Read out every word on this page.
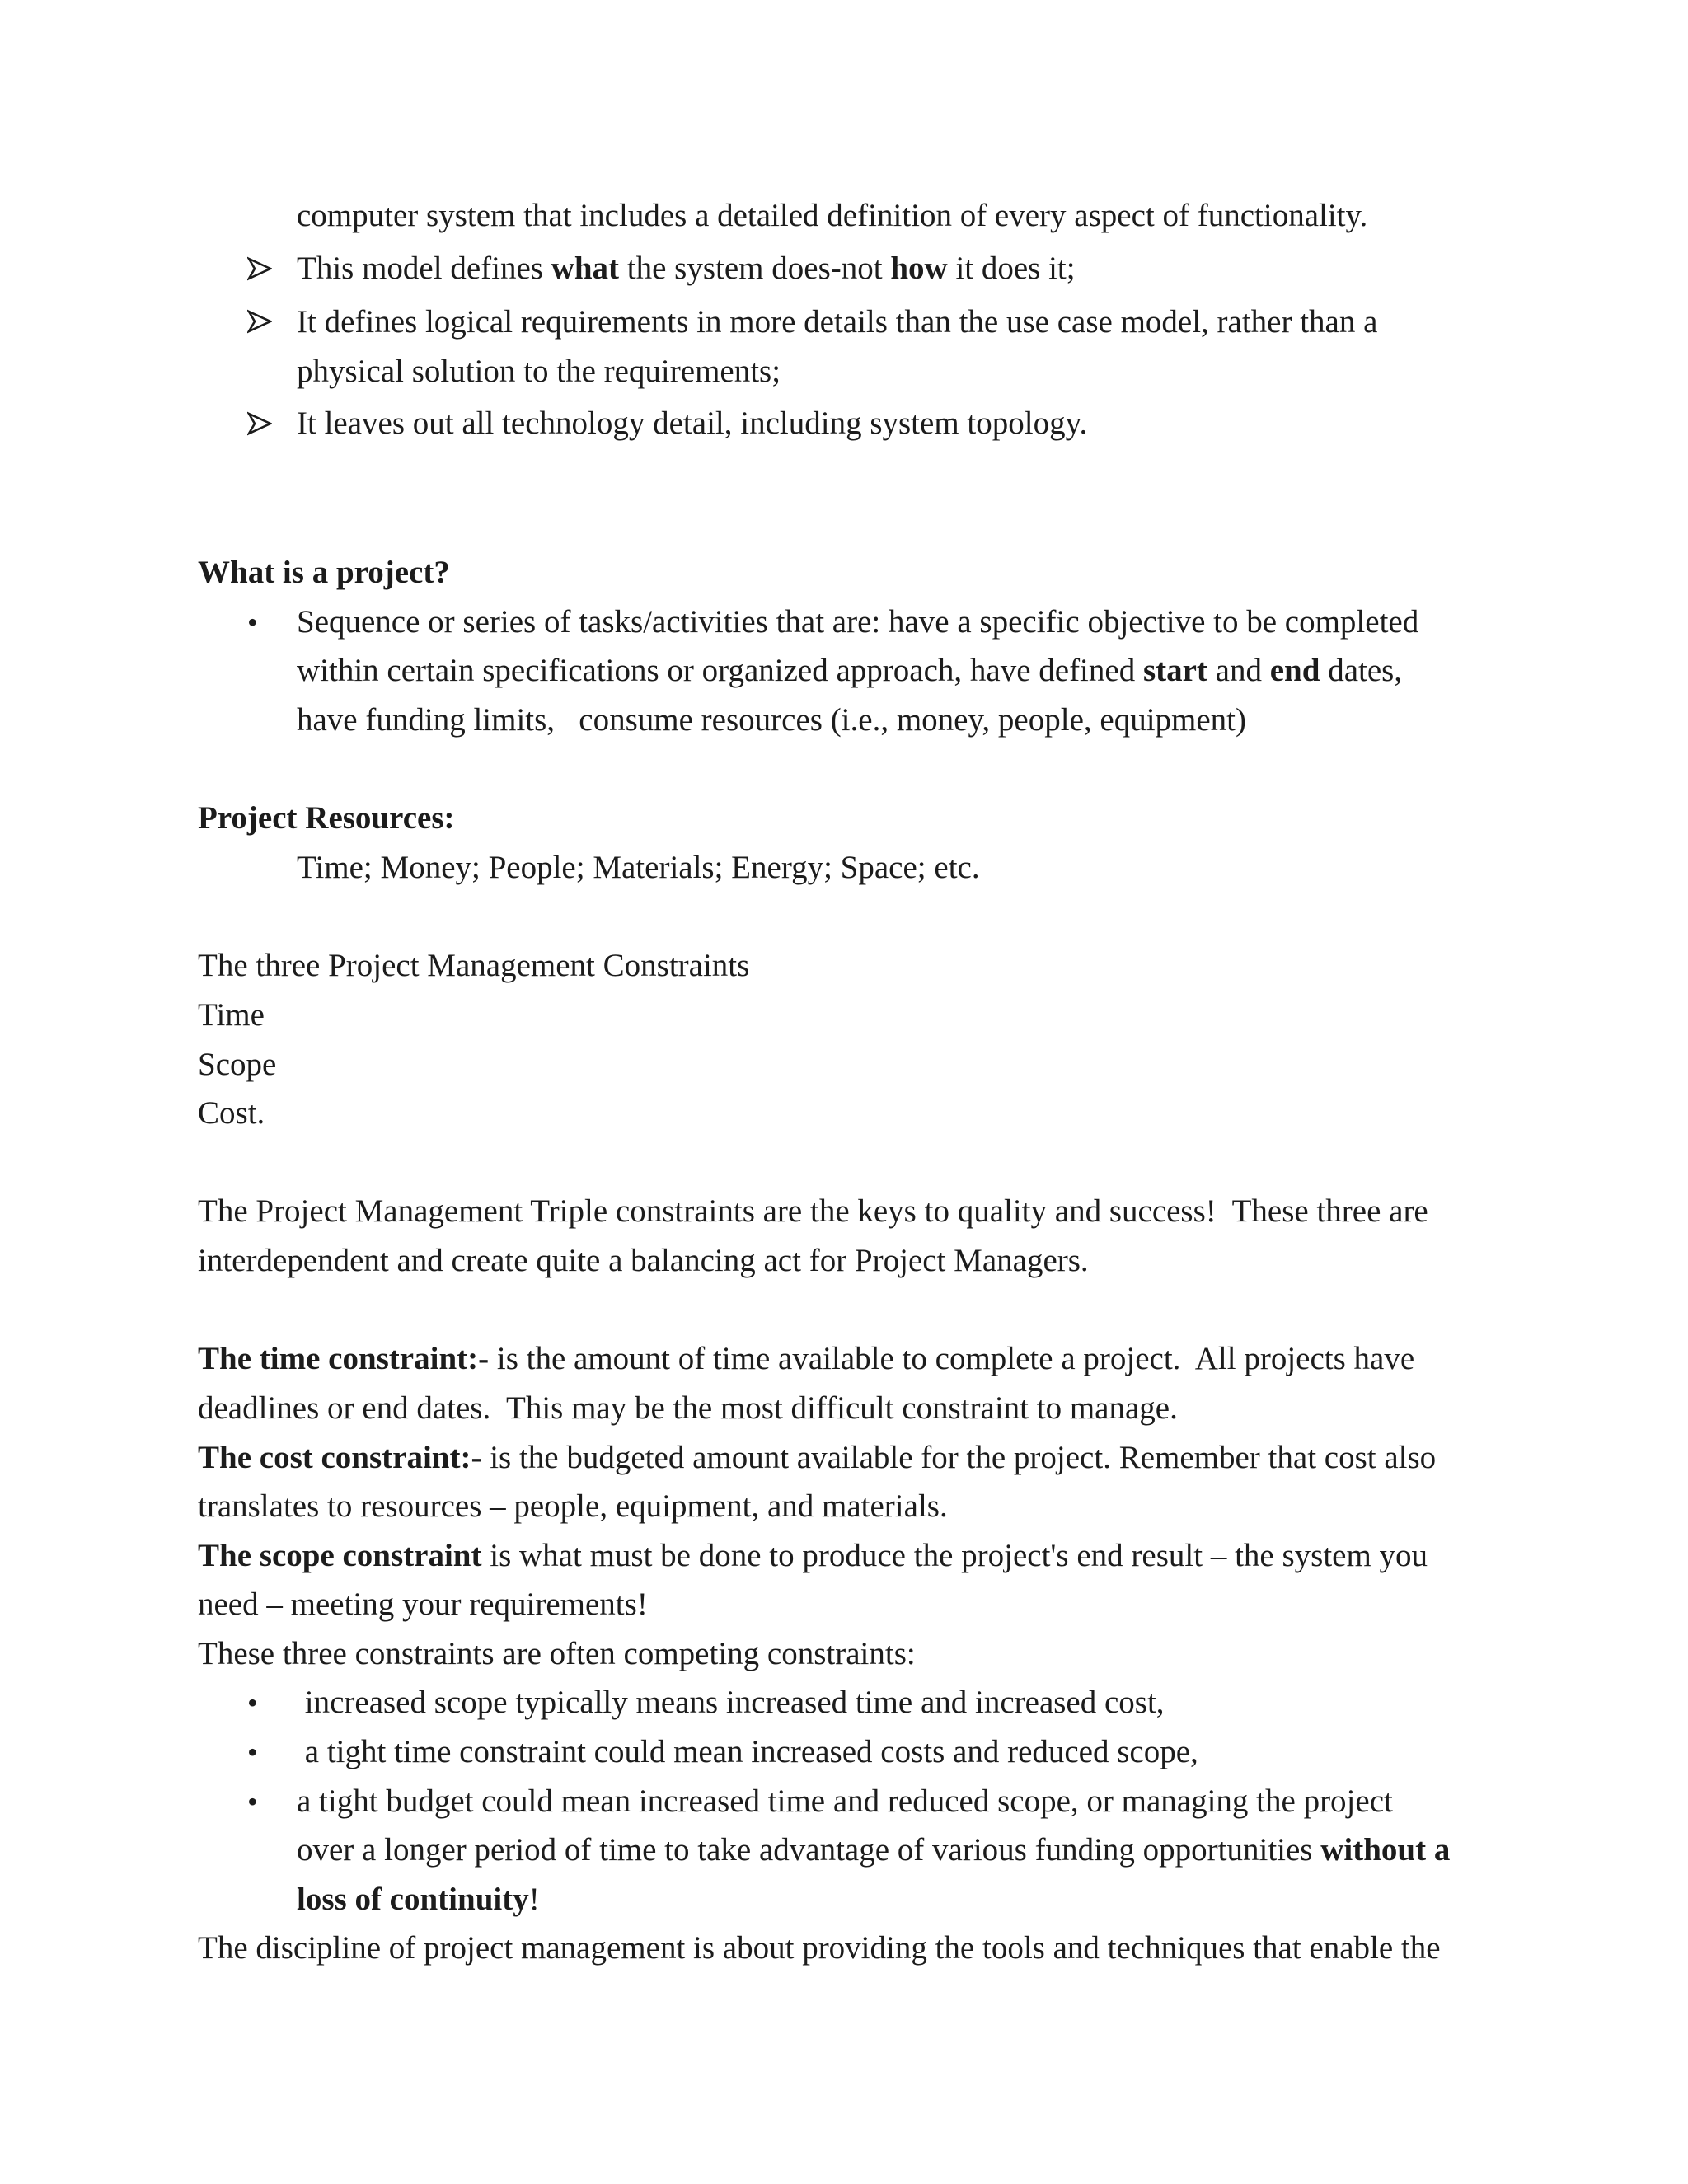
computer system that includes a detailed definition of every aspect of functionality.
This model defines what the system does-not how it does it;
It defines logical requirements in more details than the use case model, rather than a
physical solution to the requirements;
It leaves out all technology detail, including system topology.
What is a project?
• Sequence or series of tasks/activities that are: have a specific objective to be completed
within certain specifications or organized approach, have defined start and end dates,
have funding limits,   consume resources (i.e., money, people, equipment)
Project Resources:
Time; Money; People; Materials; Energy; Space; etc.
The three Project Management Constraints
Time
Scope
Cost.
The Project Management Triple constraints are the keys to quality and success!  These three are
interdependent and create quite a balancing act for Project Managers.
The time constraint:- is the amount of time available to complete a project.  All projects have
deadlines or end dates.  This may be the most difficult constraint to manage.
The cost constraint:- is the budgeted amount available for the project. Remember that cost also
translates to resources – people, equipment, and materials.
The scope constraint is what must be done to produce the project's end result – the system you
need – meeting your requirements!
These three constraints are often competing constraints:
• increased scope typically means increased time and increased cost,
• a tight time constraint could mean increased costs and reduced scope,
• a tight budget could mean increased time and reduced scope, or managing the project
over a longer period of time to take advantage of various funding opportunities without a
loss of continuity!
The discipline of project management is about providing the tools and techniques that enable the
